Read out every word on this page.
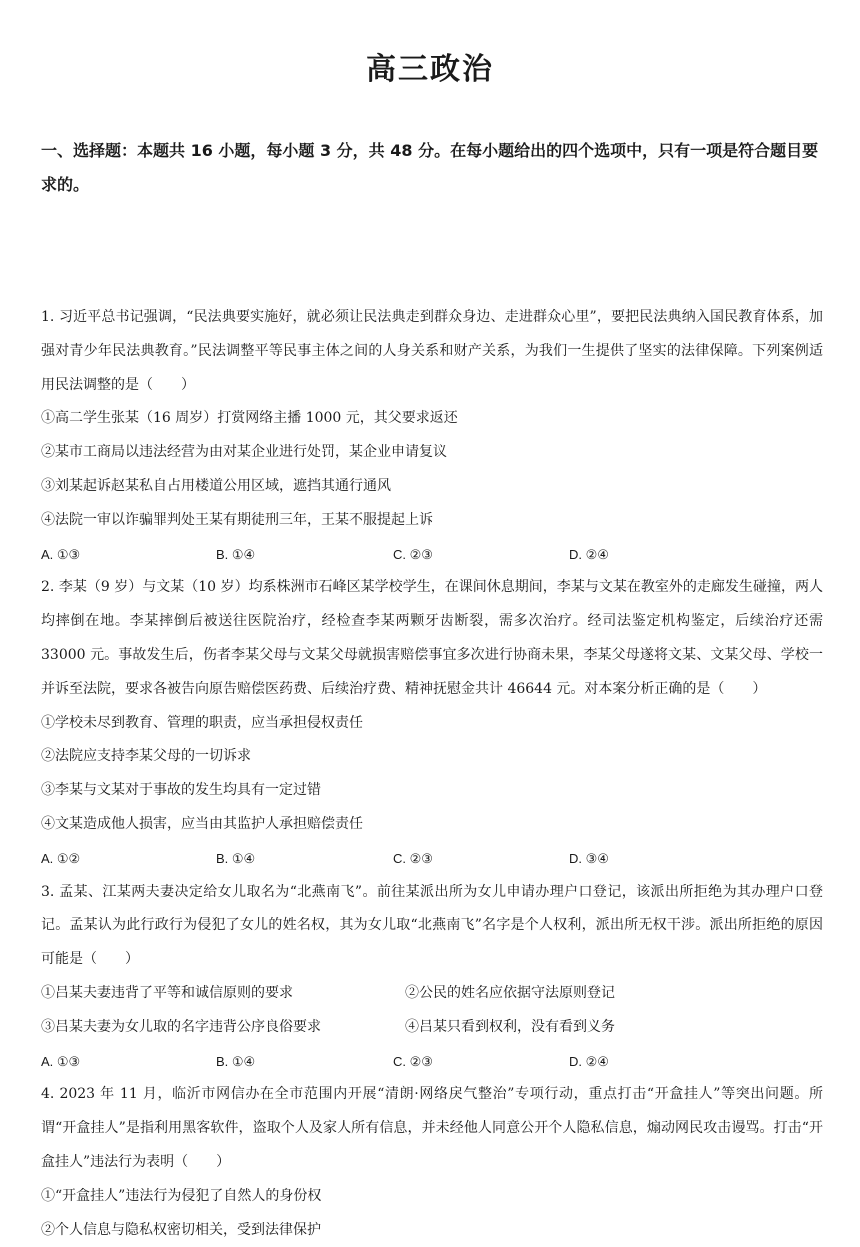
高三政治
一、选择题：本题共 16 小题，每小题 3 分，共 48 分。在每小题给出的四个选项中，只有一项是符合题目要求的。
1. 习近平总书记强调，“民法典要实施好，就必须让民法典走到群众身边、走进群众心里”，要把民法典纳入国民教育体系，加强对青少年民法典教育。”民法调整平等民事主体之间的人身关系和财产关系，为我们一生提供了坚实的法律保障。下列案例适用民法调整的是（　　）
①高二学生张某（16 周岁）打赏网络主播 1000 元，其父要求返还
②某市工商局以违法经营为由对某企业进行处罚，某企业申请复议
③刘某起诉赵某私自占用楼道公用区域，遮挡其通行通风
④法院一审以诈骗罪判处王某有期徒刑三年，王某不服提起上诉
A. ①③	B. ①④	C. ②③	D. ②④
2. 李某（9 岁）与文某（10 岁）均系株洲市石峰区某学校学生，在课间休息期间，李某与文某在教室外的走廊发生碰撞，两人均摔倒在地。李某摔倒后被送往医院治疗，经检查李某两颗牙齿断裂，需多次治疗。经司法鉴定机构鉴定，后续治疗还需 33000 元。事故发生后，伤者李某父母与文某父母就损害赔偿事宜多次进行协商未果，李某父母遂将文某、文某父母、学校一并诉至法院，要求各被告向原告赔偿医药费、后续治疗费、精神抚慰金共计 46644 元。对本案分析正确的是（　　）
①学校未尽到教育、管理的职责，应当承担侵权责任
②法院应支持李某父母的一切诉求
③李某与文某对于事故的发生均具有一定过错
④文某造成他人损害，应当由其监护人承担赔偿责任
A. ①②	B. ①④	C. ②③	D. ③④
3. 孟某、江某两夫妻决定给女儿取名为“北燕南飞”。前往某派出所为女儿申请办理户口登记，该派出所拒绝为其办理户口登记。孟某认为此行政行为侵犯了女儿的姓名权，其为女儿取“北燕南飞”名字是个人权利，派出所无权干涉。派出所拒绝的原因可能是（　　）
①吕某夫妻违背了平等和诚信原则的要求	②公民的姓名应依据守法原则登记
③吕某夫妻为女儿取的名字违背公序良俗要求	④吕某只看到权利，没有看到义务
A. ①③	B. ①④	C. ②③	D. ②④
4. 2023 年 11 月，临沂市网信办在全市范围内开展“清朗·网络戾气整治”专项行动，重点打击“开盒挂人”等突出问题。所谓“开盒挂人”是指利用黑客软件，盗取个人及家人所有信息，并未经他人同意公开个人隐私信息，煽动网民攻击谩骂。打击“开盒挂人”违法行为表明（　　）
①“开盒挂人”违法行为侵犯了自然人的身份权
②个人信息与隐私权密切相关，受到法律保护
